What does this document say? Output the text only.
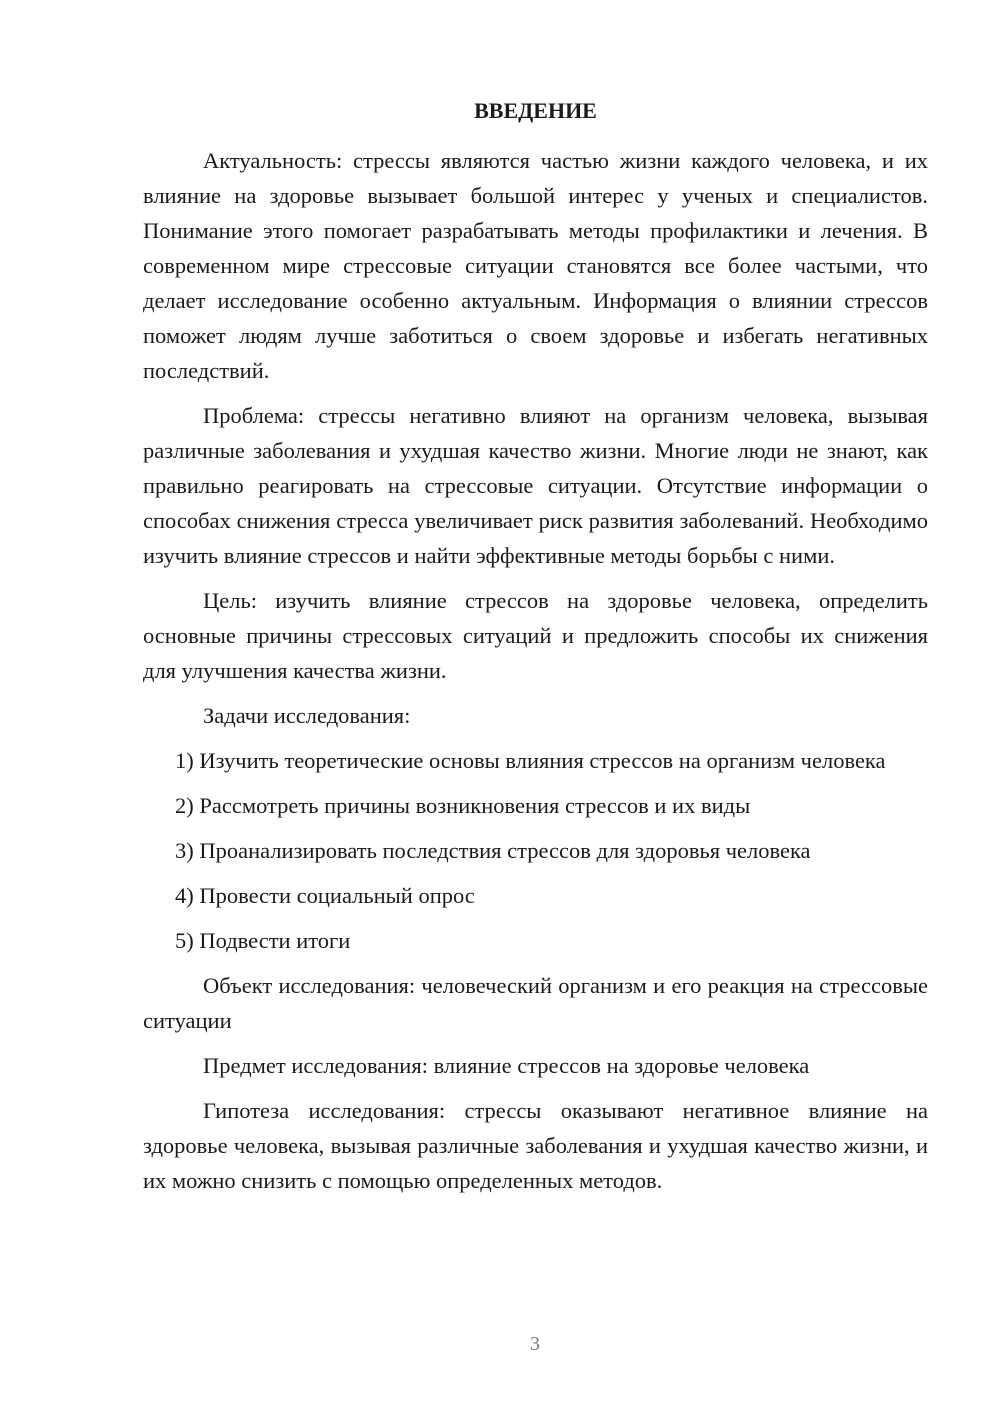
ВВЕДЕНИЕ

Актуальность: стрессы являются частью жизни каждого человека, и их влияние на здоровье вызывает большой интерес у ученых и специалистов. Понимание этого помогает разрабатывать методы профилактики и лечения. В современном мире стрессовые ситуации становятся все более частыми, что делает исследование особенно актуальным. Информация о влиянии стрессов поможет людям лучше заботиться о своем здоровье и избегать негативных последствий.

Проблема: стрессы негативно влияют на организм человека, вызывая различные заболевания и ухудшая качество жизни. Многие люди не знают, как правильно реагировать на стрессовые ситуации. Отсутствие информации о способах снижения стресса увеличивает риск развития заболеваний. Необходимо изучить влияние стрессов и найти эффективные методы борьбы с ними.

Цель: изучить влияние стрессов на здоровье человека, определить основные причины стрессовых ситуаций и предложить способы их снижения для улучшения качества жизни.

Задачи исследования:

1) Изучить теоретические основы влияния стрессов на организм человека

2) Рассмотреть причины возникновения стрессов и их виды

3) Проанализировать последствия стрессов для здоровья человека

4) Провести социальный опрос

5) Подвести итоги

Объект исследования: человеческий организм и его реакция на стрессовые ситуации

Предмет исследования: влияние стрессов на здоровье человека

Гипотеза исследования: стрессы оказывают негативное влияние на здоровье человека, вызывая различные заболевания и ухудшая качество жизни, и их можно снизить с помощью определенных методов.

3
